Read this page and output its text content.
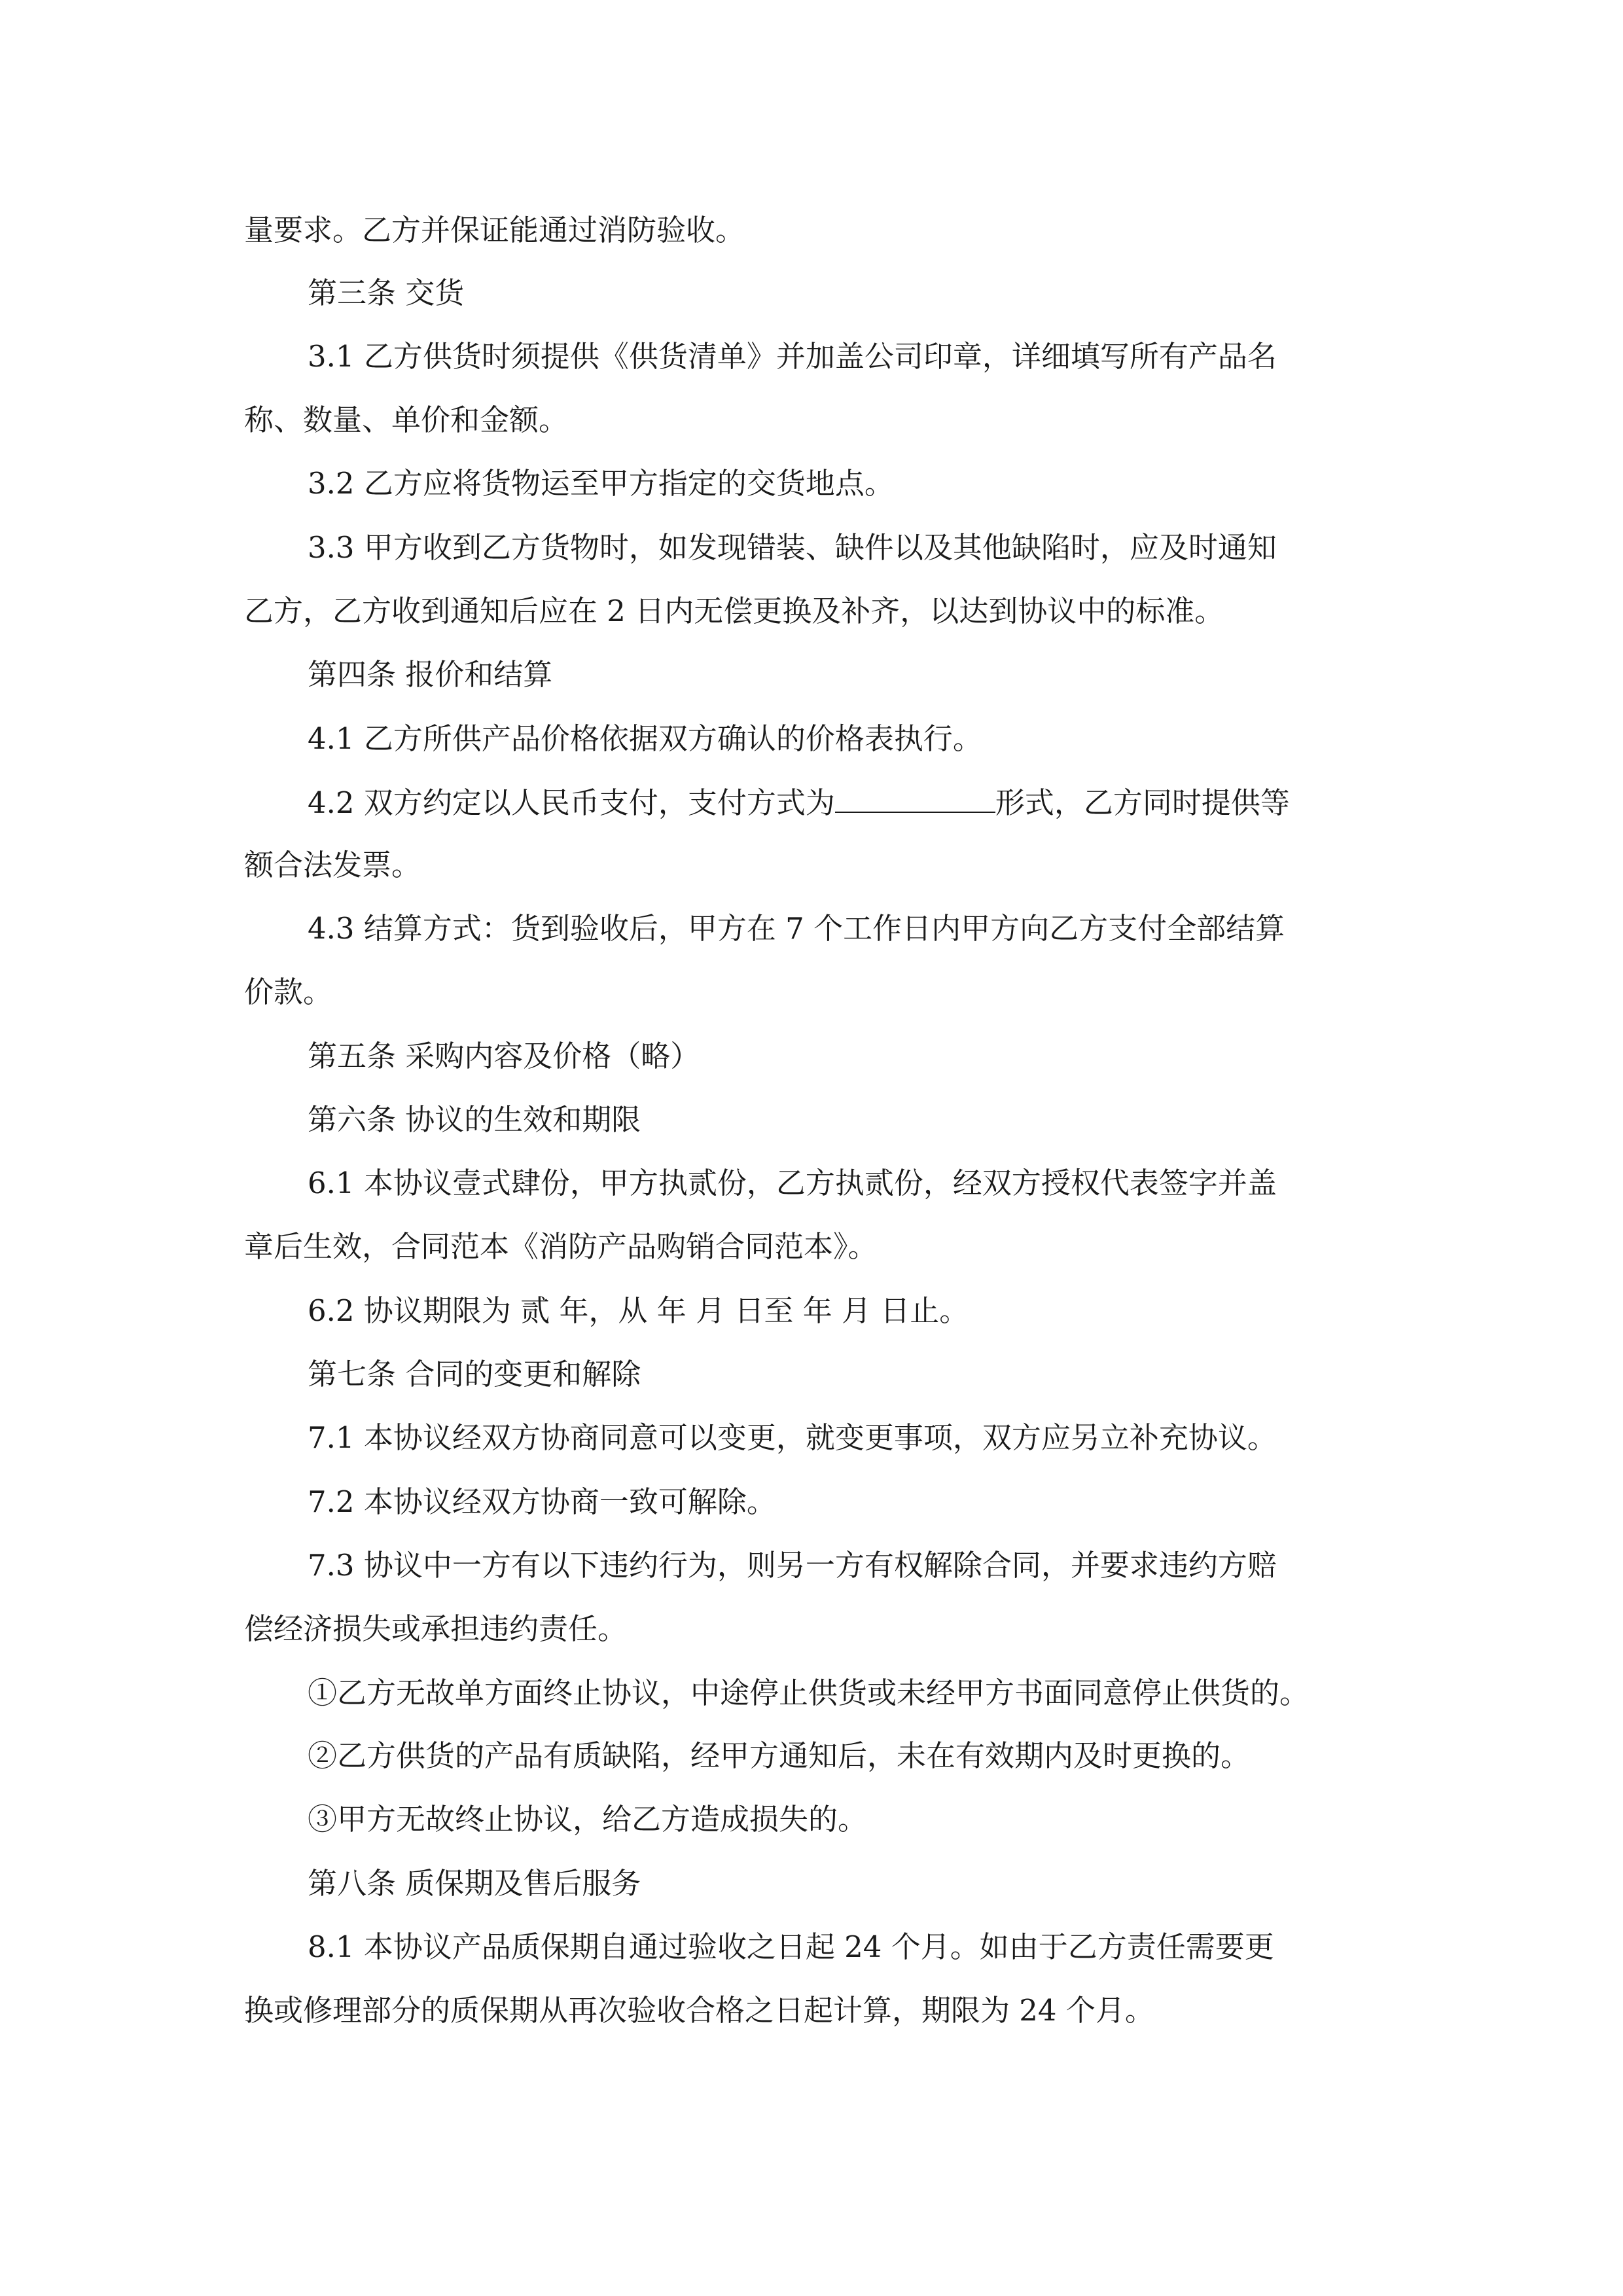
量要求。乙方并保证能通过消防验收。
第三条 交货
3.1 乙方供货时须提供《供货清单》并加盖公司印章，详细填写所有产品名
称、数量、单价和金额。
3.2 乙方应将货物运至甲方指定的交货地点。
3.3 甲方收到乙方货物时，如发现错装、缺件以及其他缺陷时，应及时通知
乙方，乙方收到通知后应在 2 日内无偿更换及补齐，以达到协议中的标准。
第四条 报价和结算
4.1 乙方所供产品价格依据双方确认的价格表执行。
4.2 双方约定以人民币支付，支付方式为	形式，乙方同时提供等
额合法发票。
4.3 结算方式：货到验收后，甲方在 7 个工作日内甲方向乙方支付全部结算
价款。
第五条 采购内容及价格（略）
第六条 协议的生效和期限
6.1 本协议壹式肆份，甲方执贰份，乙方执贰份，经双方授权代表签字并盖
章后生效，合同范本《消防产品购销合同范本》。
6.2 协议期限为 贰 年，从 年 月 日至 年 月 日止。
第七条 合同的变更和解除
7.1 本协议经双方协商同意可以变更，就变更事项，双方应另立补充协议。
7.2 本协议经双方协商一致可解除。
7.3 协议中一方有以下违约行为，则另一方有权解除合同，并要求违约方赔
偿经济损失或承担违约责任。
①乙方无故单方面终止协议，中途停止供货或未经甲方书面同意停止供货的。
②乙方供货的产品有质缺陷，经甲方通知后，未在有效期内及时更换的。
③甲方无故终止协议，给乙方造成损失的。
第八条 质保期及售后服务
8.1 本协议产品质保期自通过验收之日起 24 个月。如由于乙方责任需要更
换或修理部分的质保期从再次验收合格之日起计算，期限为 24 个月。
